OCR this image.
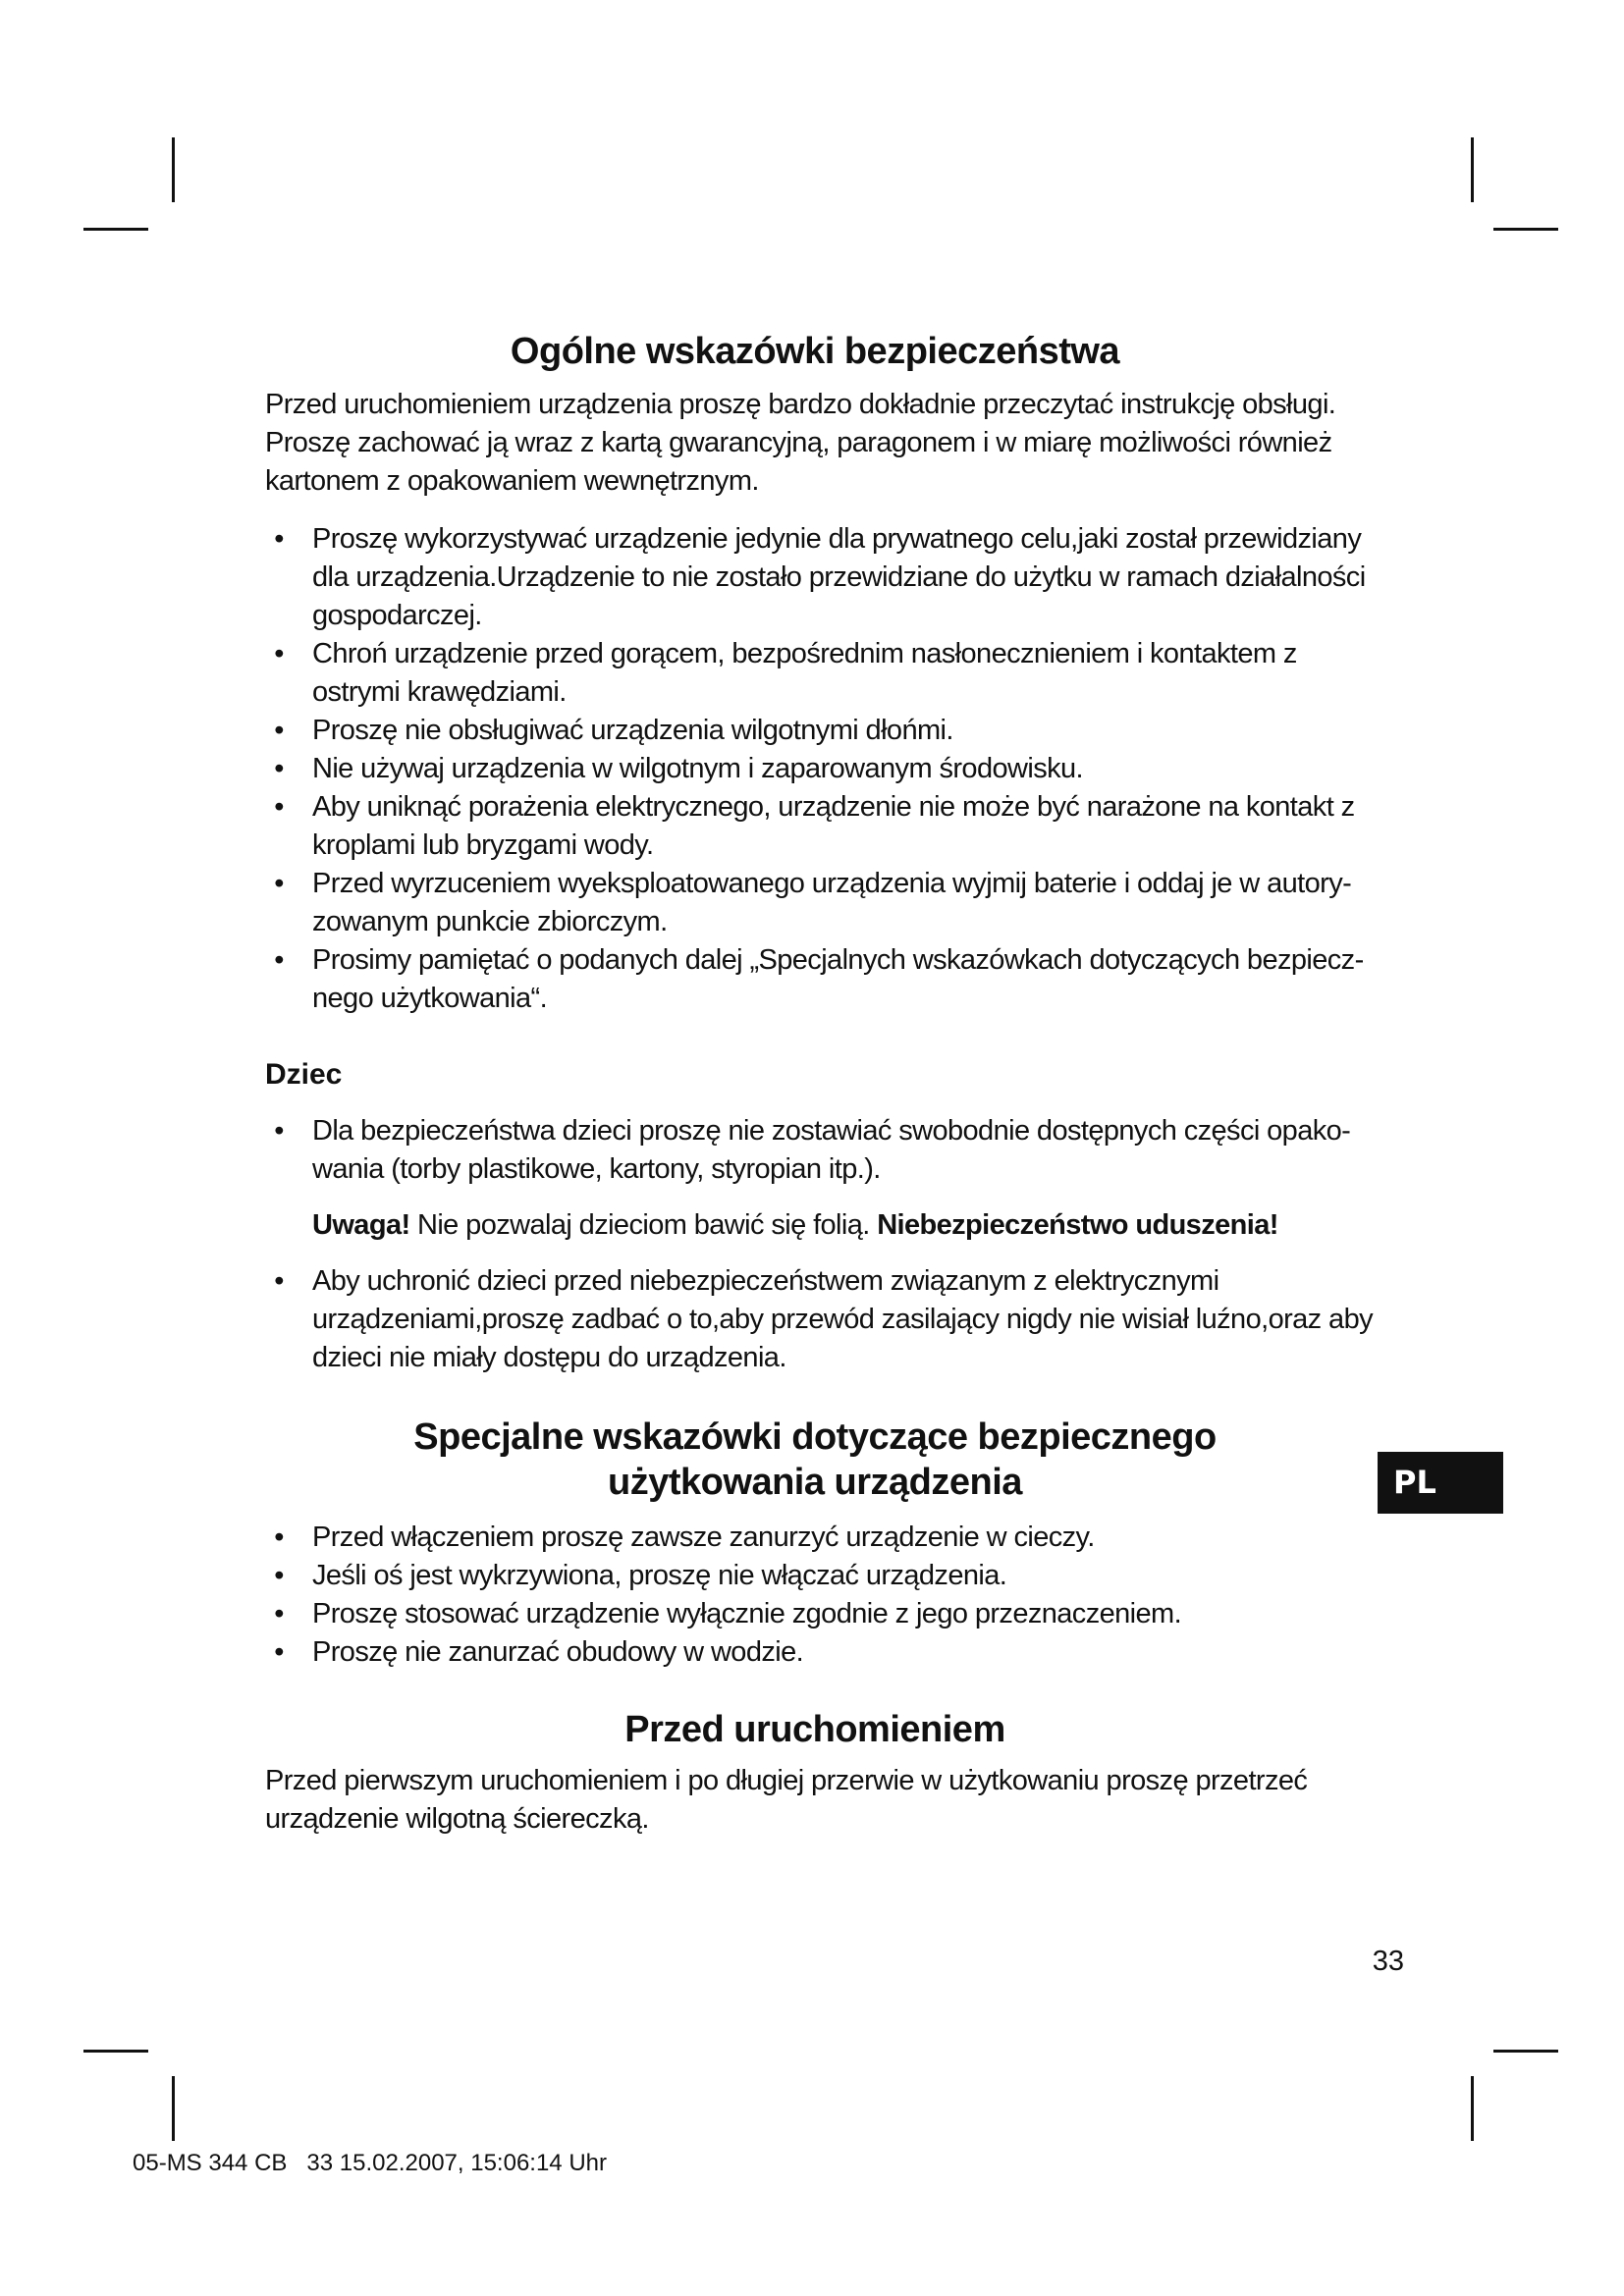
Ogólne wskazówki bezpieczeństwa

Przed uruchomieniem urządzenia proszę bardzo dokładnie przeczytać instrukcję obsługi. Proszę zachować ją wraz z kartą gwarancyjną, paragonem i w miarę możliwości również kartonem z opakowaniem wewnętrznym.

• Proszę wykorzystywać urządzenie jedynie dla prywatnego celu,jaki został przewidziany dla urządzenia.Urządzenie to nie zostało przewidziane do użytku w ramach działalności gospodarczej.
• Chroń urządzenie przed gorącem, bezpośrednim nasłonecznieniem i kontaktem z ostrymi krawędziami.
• Proszę nie obsługiwać urządzenia wilgotnymi dłońmi.
• Nie używaj urządzenia w wilgotnym i zaparowanym środowisku.
• Aby uniknąć porażenia elektrycznego, urządzenie nie może być narażone na kontakt z kroplami lub bryzgami wody.
• Przed wyrzuceniem wyeksploatowanego urządzenia wyjmij baterie i oddaj je w autoryzowanym punkcie zbiorczym.
• Prosimy pamiętać o podanych dalej „Specjalnych wskazówkach dotyczących bezpiecznego użytkowania“.
Dziec
• Dla bezpieczeństwa dzieci proszę nie zostawiać swobodnie dostępnych części opakowania (torby plastikowe, kartony, styropian itp.).

Uwaga! Nie pozwalaj dzieciom bawić się folią. Niebezpieczeństwo uduszenia!

• Aby uchronić dzieci przed niebezpieczeństwem związanym z elektrycznymi urządzeniami,proszę zadbać o to,aby przewód zasilający nigdy nie wisiał luźno,oraz aby dzieci nie miały dostępu do urządzenia.
Specjalne wskazówki dotyczące bezpiecznego
użytkowania urządzenia
• Przed włączeniem proszę zawsze zanurzyć urządzenie w cieczy.
• Jeśli oś jest wykrzywiona, proszę nie włączać urządzenia.
• Proszę stosować urządzenie wyłącznie zgodnie z jego przeznaczeniem.
• Proszę nie zanurzać obudowy w wodzie.
Przed uruchomieniem

Przed pierwszym uruchomieniem i po długiej przerwie w użytkowaniu proszę przetrzeć urządzenie wilgotną ściereczką.

PL
33
05-MS 344 CB   33 15.02.2007, 15:06:14 Uhr
